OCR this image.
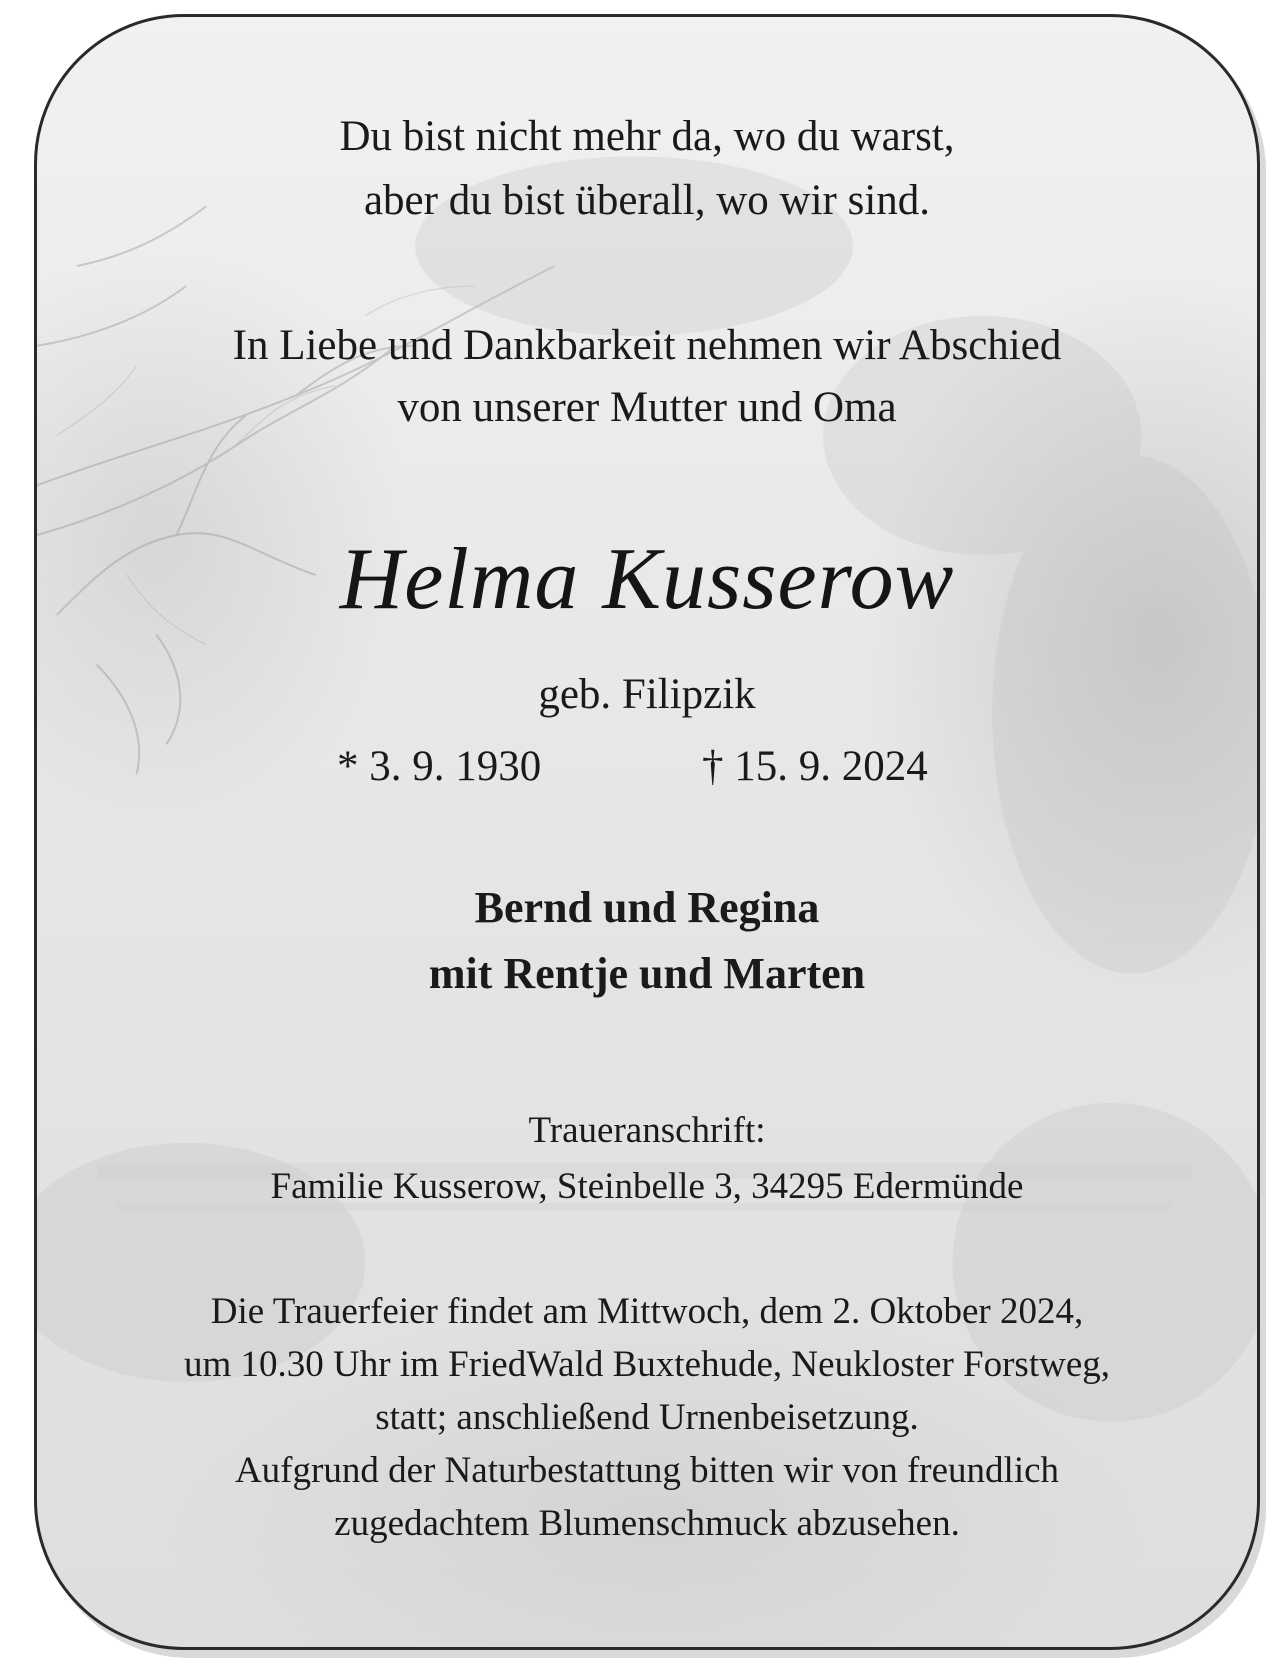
Du bist nicht mehr da, wo du warst,
aber du bist überall, wo wir sind.
In Liebe und Dankbarkeit nehmen wir Abschied
von unserer Mutter und Oma
Helma Kusserow
geb. Filipzik
* 3. 9. 1930	† 15. 9. 2024
Bernd und Regina
mit Rentje und Marten
Traueranschrift:
Familie Kusserow, Steinbelle 3, 34295 Edermünde
Die Trauerfeier findet am Mittwoch, dem 2. Oktober 2024,
um 10.30 Uhr im FriedWald Buxtehude, Neukloster Forstweg,
statt; anschließend Urnenbeisetzung.
Aufgrund der Naturbestattung bitten wir von freundlich
zugedachtem Blumenschmuck abzusehen.
